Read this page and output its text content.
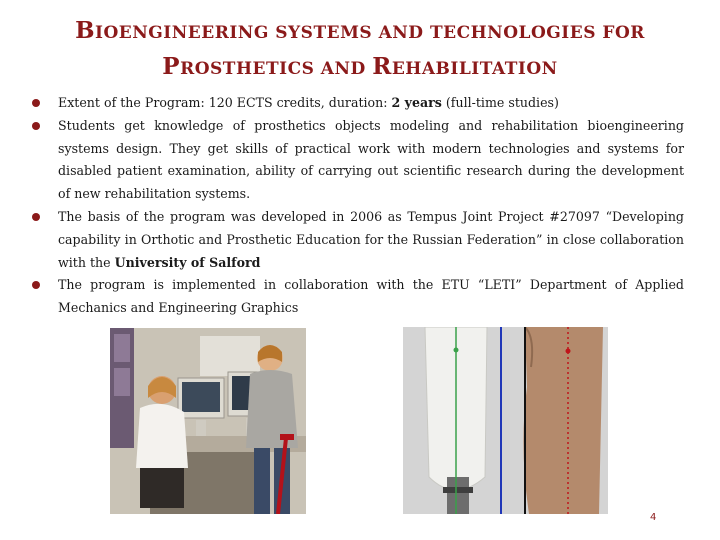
BIOENGINEERING SYSTEMS AND TECHNOLOGIES FOR
PROSTHETICS AND REHABILITATION
Extent of the Program: 120 ECTS credits, duration: 2 years (full-time studies)
Students get knowledge of prosthetics objects modeling and rehabilitation bioengineering systems design. They get skills of practical work with modern technologies and systems for disabled patient examination, ability of carrying out scientific research during the development of new rehabilitation systems.
The basis of the program was developed in 2006 as Tempus Joint Project #27097 “Developing capability in Orthotic and Prosthetic Education for the Russian Federation” in close collaboration with the University of Salford
The program is implemented in collaboration with the ETU “LETI” Department of Applied Mechanics and Engineering Graphics
4
